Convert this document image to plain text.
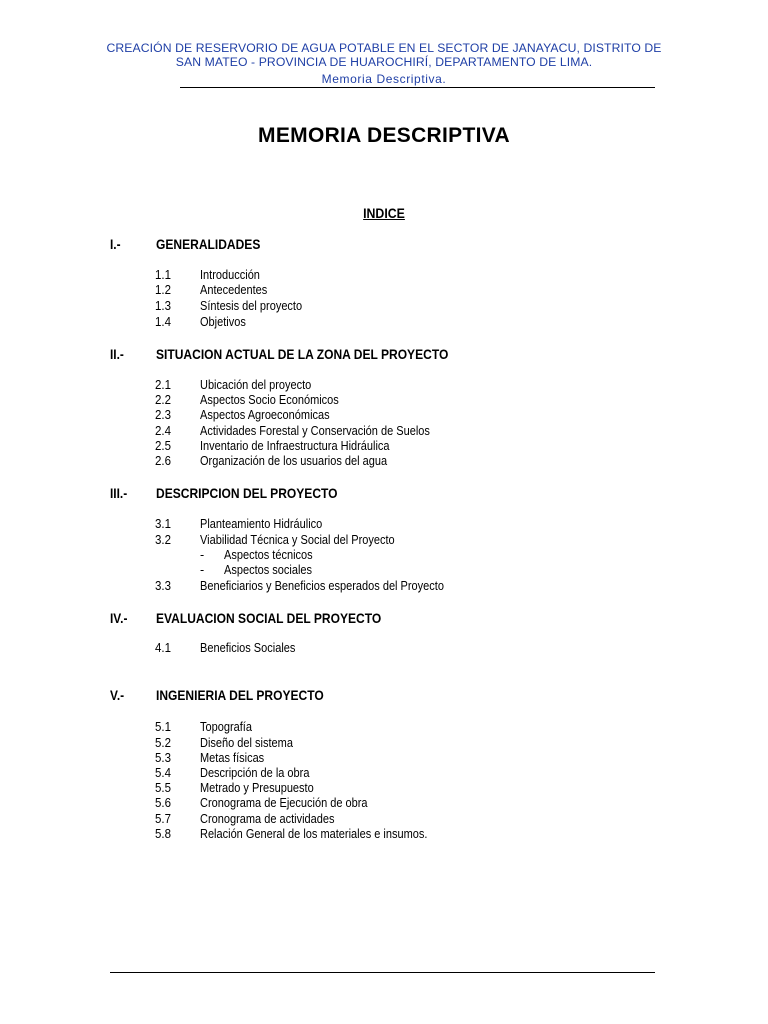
CREACIÓN DE RESERVORIO DE AGUA POTABLE EN EL SECTOR DE JANAYACU, DISTRITO DE
SAN MATEO - PROVINCIA DE HUAROCHIRÍ, DEPARTAMENTO DE LIMA.
Memoria Descriptiva.
MEMORIA DESCRIPTIVA
INDICE
I.-	GENERALIDADES
1.1 Introducción
1.2 Antecedentes
1.3 Síntesis del proyecto
1.4 Objetivos
II.- SITUACION ACTUAL DE LA ZONA DEL PROYECTO
2.1 Ubicación del proyecto
2.2 Aspectos Socio Económicos
2.3 Aspectos Agroeconómicas
2.4 Actividades Forestal y Conservación de Suelos
2.5 Inventario de Infraestructura Hidráulica
2.6 Organización de los usuarios del agua
III.- DESCRIPCION DEL PROYECTO
3.1 Planteamiento Hidráulico
3.2 Viabilidad Técnica y Social del Proyecto
- Aspectos técnicos
- Aspectos sociales
3.3 Beneficiarios y Beneficios esperados del Proyecto
IV.- EVALUACION SOCIAL DEL PROYECTO
4.1 Beneficios Sociales
V.- INGENIERIA DEL PROYECTO
5.1 Topografía
5.2 Diseño del sistema
5.3 Metas físicas
5.4 Descripción de la obra
5.5 Metrado y Presupuesto
5.6 Cronograma de Ejecución de obra
5.7 Cronograma de actividades
5.8 Relación General de los materiales e insumos.
